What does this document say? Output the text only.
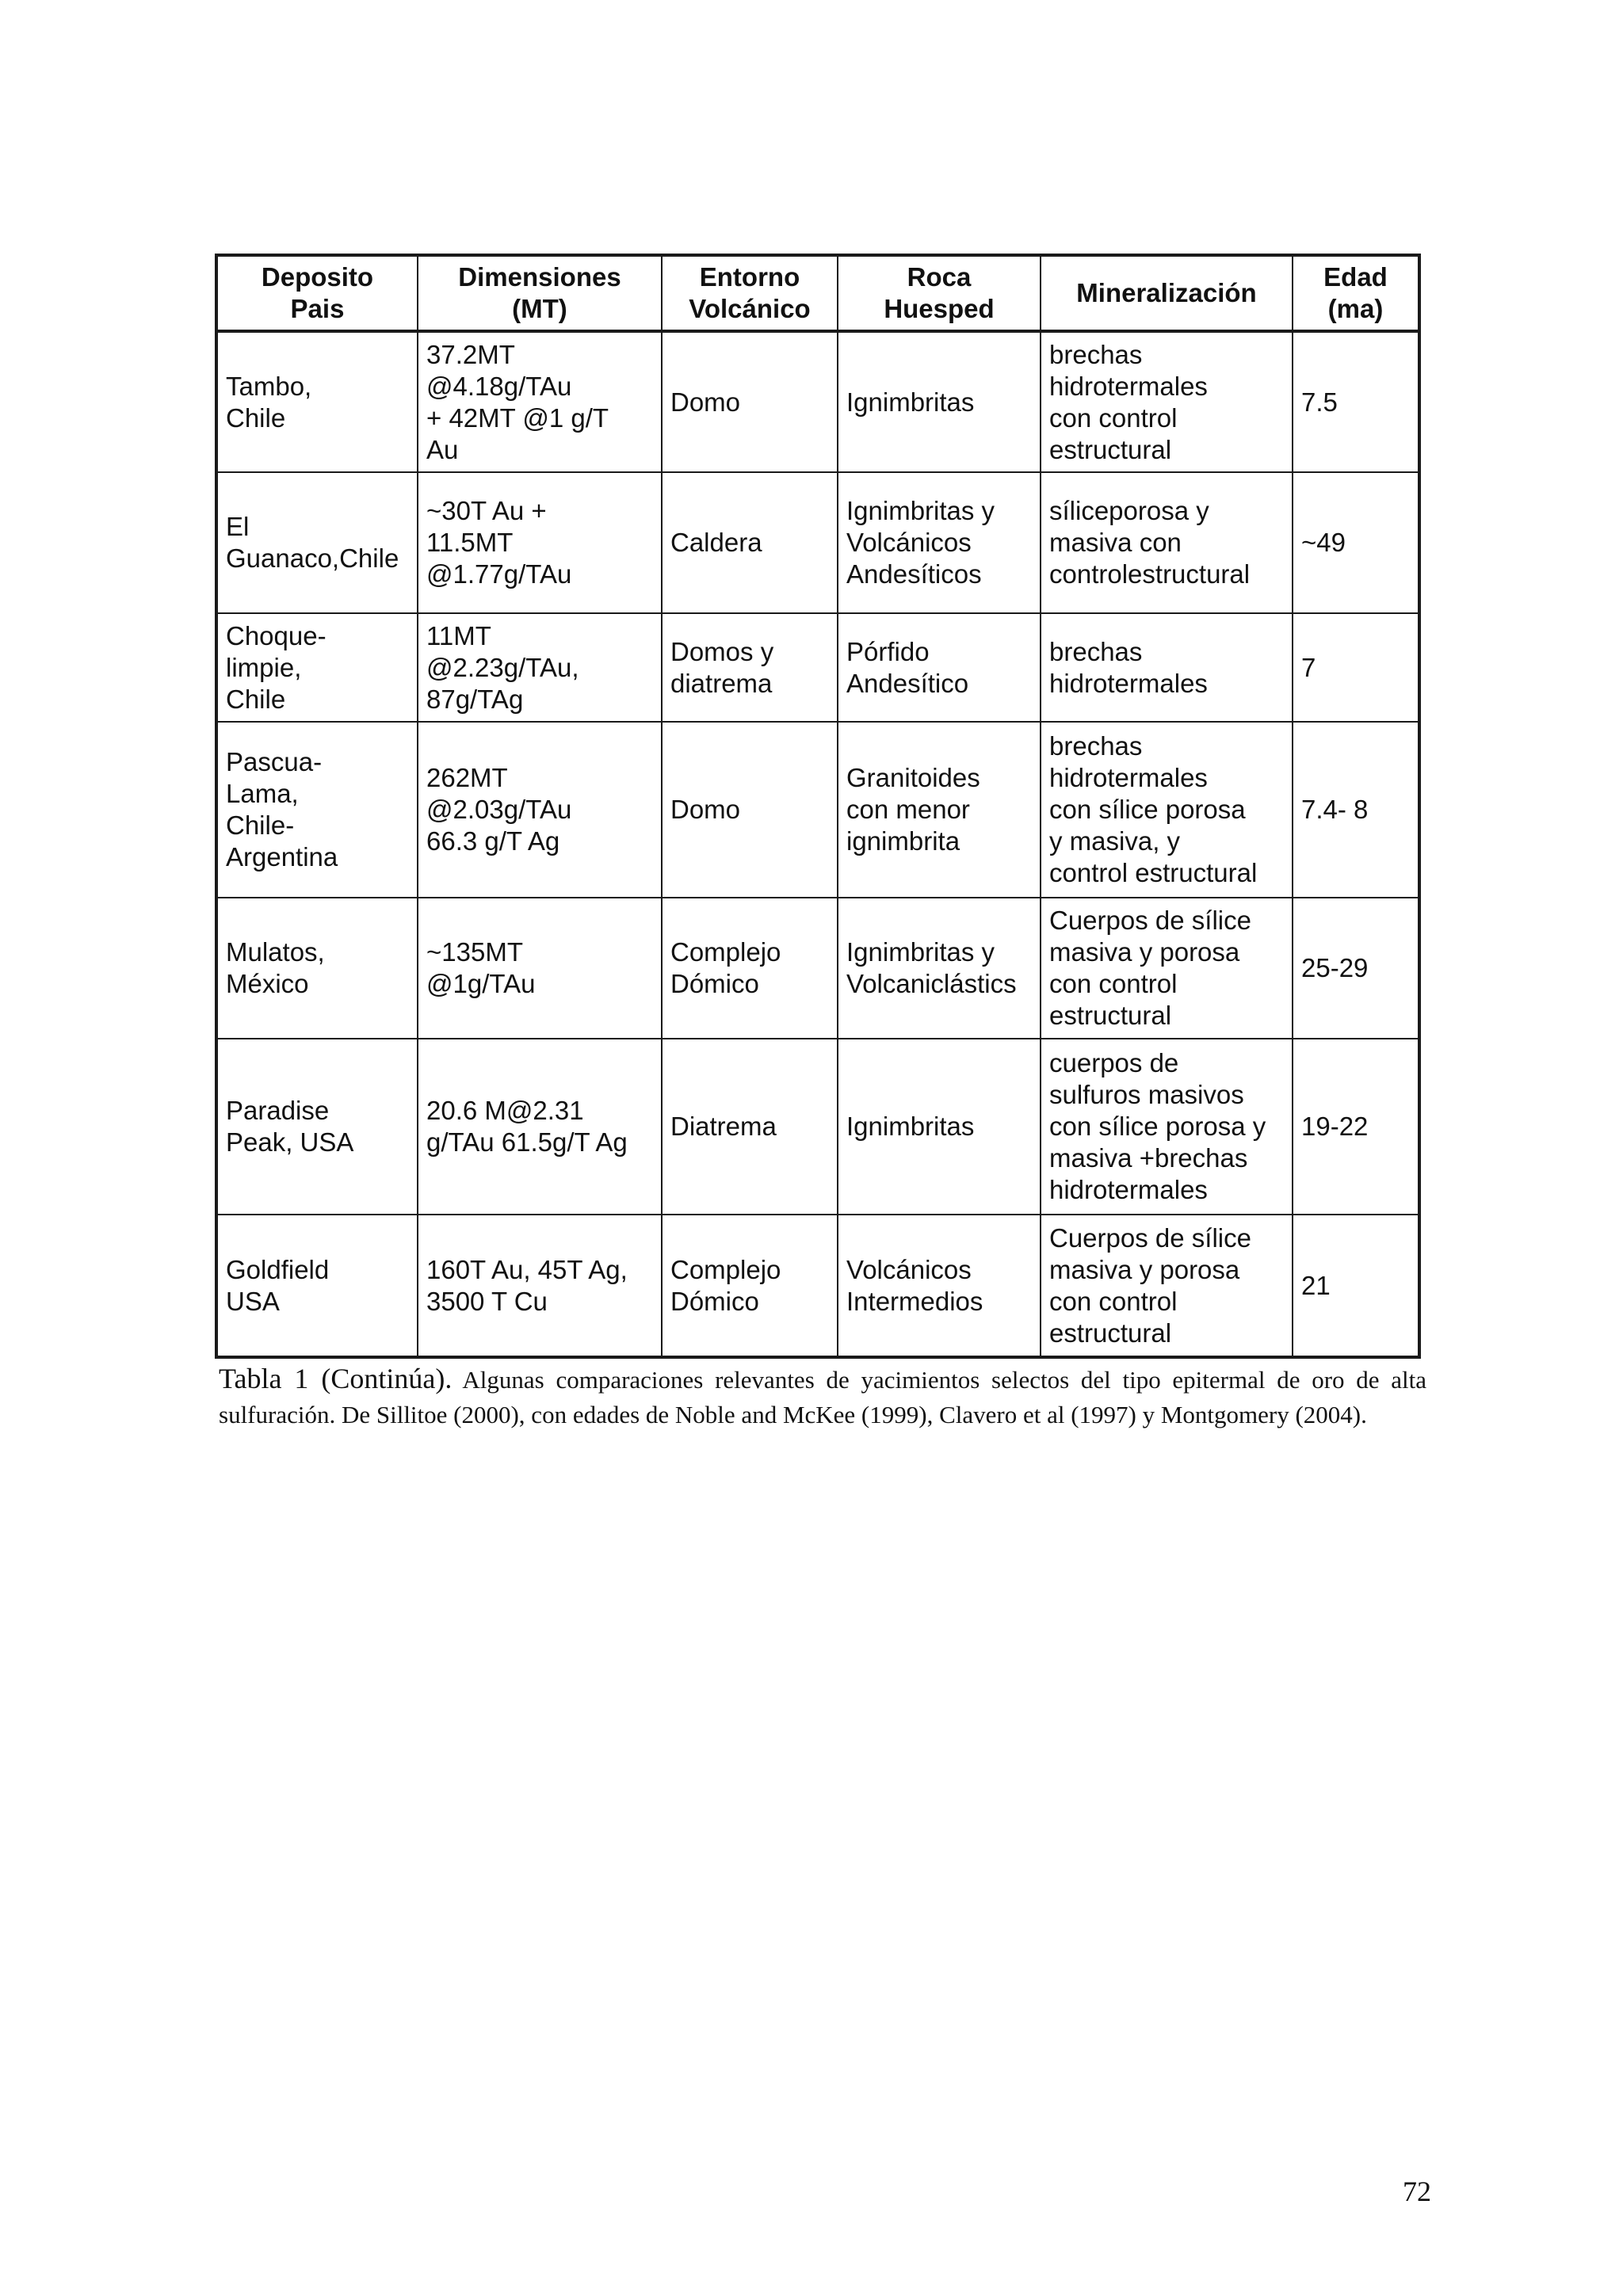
Deposito
Pais	Dimensiones
(MT)	Entorno
Volcánico	Roca
Huesped	Mineralización	Edad
(ma)
Tambo,
Chile	37.2MT
@4.18g/TAu
+ 42MT @1 g/T
Au	Domo	Ignimbritas	brechas
hidrotermales
con control
estructural	7.5
El
Guanaco,Chile	~30T Au +
11.5MT
@1.77g/TAu	Caldera	Ignimbritas y
Volcánicos
Andesíticos	síliceporosa y
masiva con
controlestructural	~49
Choque-
limpie,
Chile	11MT
@2.23g/TAu,
87g/TAg	Domos y
diatrema	Pórfido
Andesítico	brechas
hidrotermales	7
Pascua-
Lama,
Chile-
Argentina	262MT
@2.03g/TAu
66.3 g/T Ag	Domo	Granitoides
con menor
ignimbrita	brechas
hidrotermales
con sílice porosa
y masiva, y
control estructural	7.4- 8
Mulatos,
México	~135MT
@1g/TAu	Complejo
Dómico	Ignimbritas y
Volcaniclástics	Cuerpos de sílice
masiva y porosa
con control
estructural	25-29
Paradise
Peak, USA	20.6 M@2.31
g/TAu 61.5g/T Ag	Diatrema	Ignimbritas	cuerpos de
sulfuros masivos
con sílice porosa y
masiva +brechas
hidrotermales	19-22
Goldfield
USA	160T Au, 45T Ag,
3500 T Cu	Complejo
Dómico	Volcánicos
Intermedios	Cuerpos de sílice
masiva y porosa
con control
estructural	21
Tabla 1 (Continúa). Algunas comparaciones relevantes de yacimientos selectos del tipo epitermal de oro de alta sulfuración. De Sillitoe (2000), con edades de Noble and McKee (1999), Clavero et al (1997) y Montgomery (2004).
72
